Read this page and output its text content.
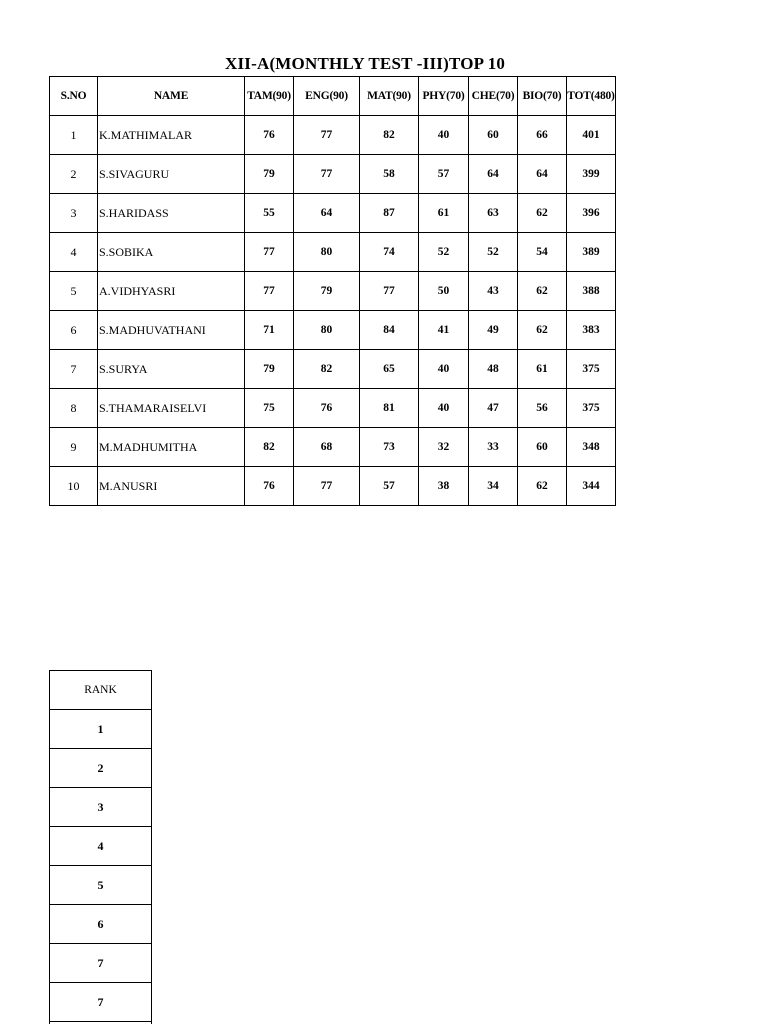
XII-A(MONTHLY TEST -III)TOP 10
S.NO	NAME	TAM(90)	ENG(90)	MAT(90)	PHY(70)	CHE(70)	BIO(70)	TOT(480)
1	K.MATHIMALAR	76	77	82	40	60	66	401
2	S.SIVAGURU	79	77	58	57	64	64	399
3	S.HARIDASS	55	64	87	61	63	62	396
4	S.SOBIKA	77	80	74	52	52	54	389
5	A.VIDHYASRI	77	79	77	50	43	62	388
6	S.MADHUVATHANI	71	80	84	41	49	62	383
7	S.SURYA	79	82	65	40	48	61	375
8	S.THAMARAISELVI	75	76	81	40	47	56	375
9	M.MADHUMITHA	82	68	73	32	33	60	348
10	M.ANUSRI	76	77	57	38	34	62	344
RANK
1
2
3
4
5
6
7
7
